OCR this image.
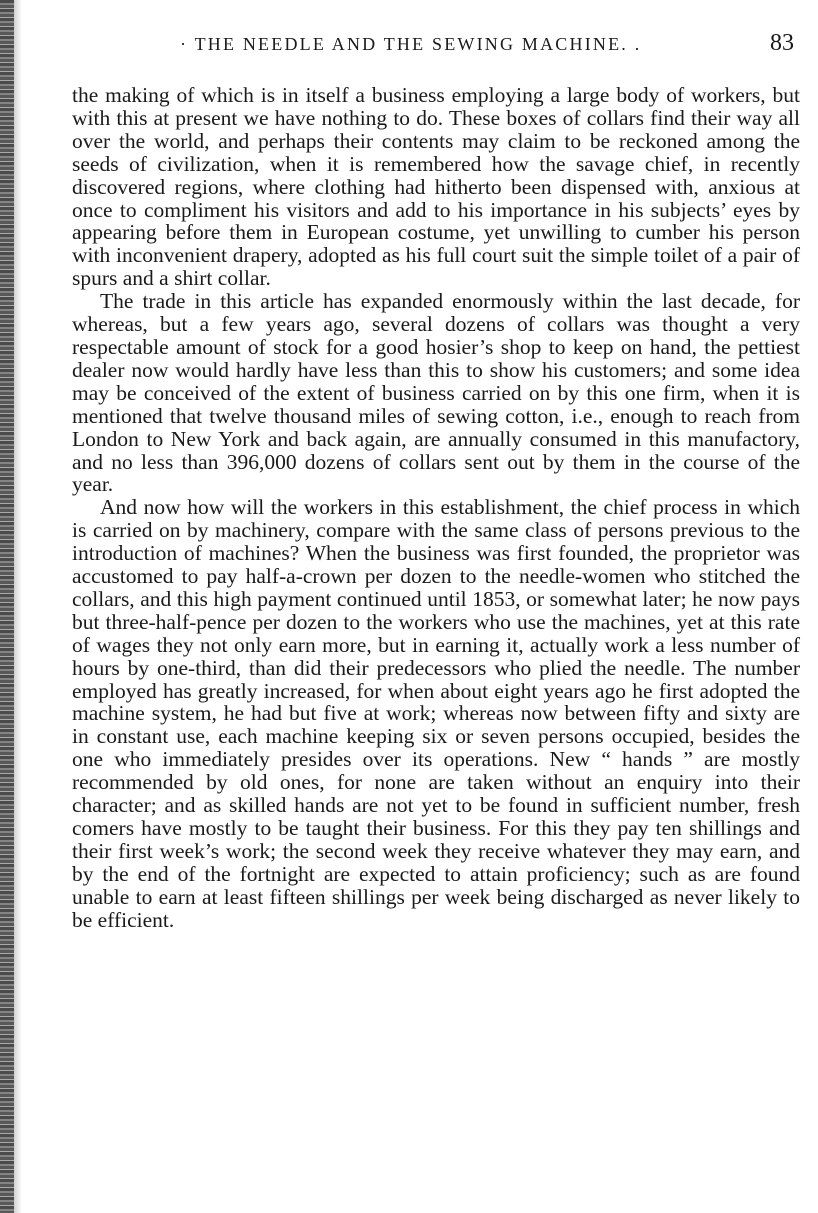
· THE NEEDLE AND THE SEWING MACHINE. .	83

the making of which is in itself a business employing a large body of workers, but with this at present we have nothing to do. These boxes of collars find their way all over the world, and perhaps their contents may claim to be reckoned among the seeds of civilization, when it is remembered how the savage chief, in recently discovered regions, where clothing had hitherto been dispensed with, anxious at once to compliment his visitors and add to his importance in his subjects’ eyes by appearing before them in European costume, yet unwilling to cumber his person with inconvenient drapery, adopted as his full court suit the simple toilet of a pair of spurs and a shirt collar.

The trade in this article has expanded enormously within the last decade, for whereas, but a few years ago, several dozens of collars was thought a very respectable amount of stock for a good hosier’s shop to keep on hand, the pettiest dealer now would hardly have less than this to show his customers; and some idea may be conceived of the extent of business carried on by this one firm, when it is mentioned that twelve thousand miles of sewing cotton, i.e., enough to reach from London to New York and back again, are annually consumed in this manufactory, and no less than 396,000 dozens of collars sent out by them in the course of the year.

And now how will the workers in this establishment, the chief process in which is carried on by machinery, compare with the same class of persons previous to the introduction of machines? When the business was first founded, the proprietor was accustomed to pay half-a-crown per dozen to the needle-women who stitched the collars, and this high payment continued until 1853, or somewhat later; he now pays but three-half-pence per dozen to the workers who use the machines, yet at this rate of wages they not only earn more, but in earning it, actually work a less number of hours by one-third, than did their predecessors who plied the needle. The number employed has greatly increased, for when about eight years ago he first adopted the machine system, he had but five at work; whereas now between fifty and sixty are in constant use, each machine keeping six or seven persons occupied, besides the one who immediately presides over its operations. New “ hands ” are mostly recommended by old ones, for none are taken without an enquiry into their character; and as skilled hands are not yet to be found in sufficient number, fresh comers have mostly to be taught their business. For this they pay ten shillings and their first week’s work; the second week they receive whatever they may earn, and by the end of the fortnight are expected to attain proficiency; such as are found unable to earn at least fifteen shillings per week being discharged as never likely to be efficient.
